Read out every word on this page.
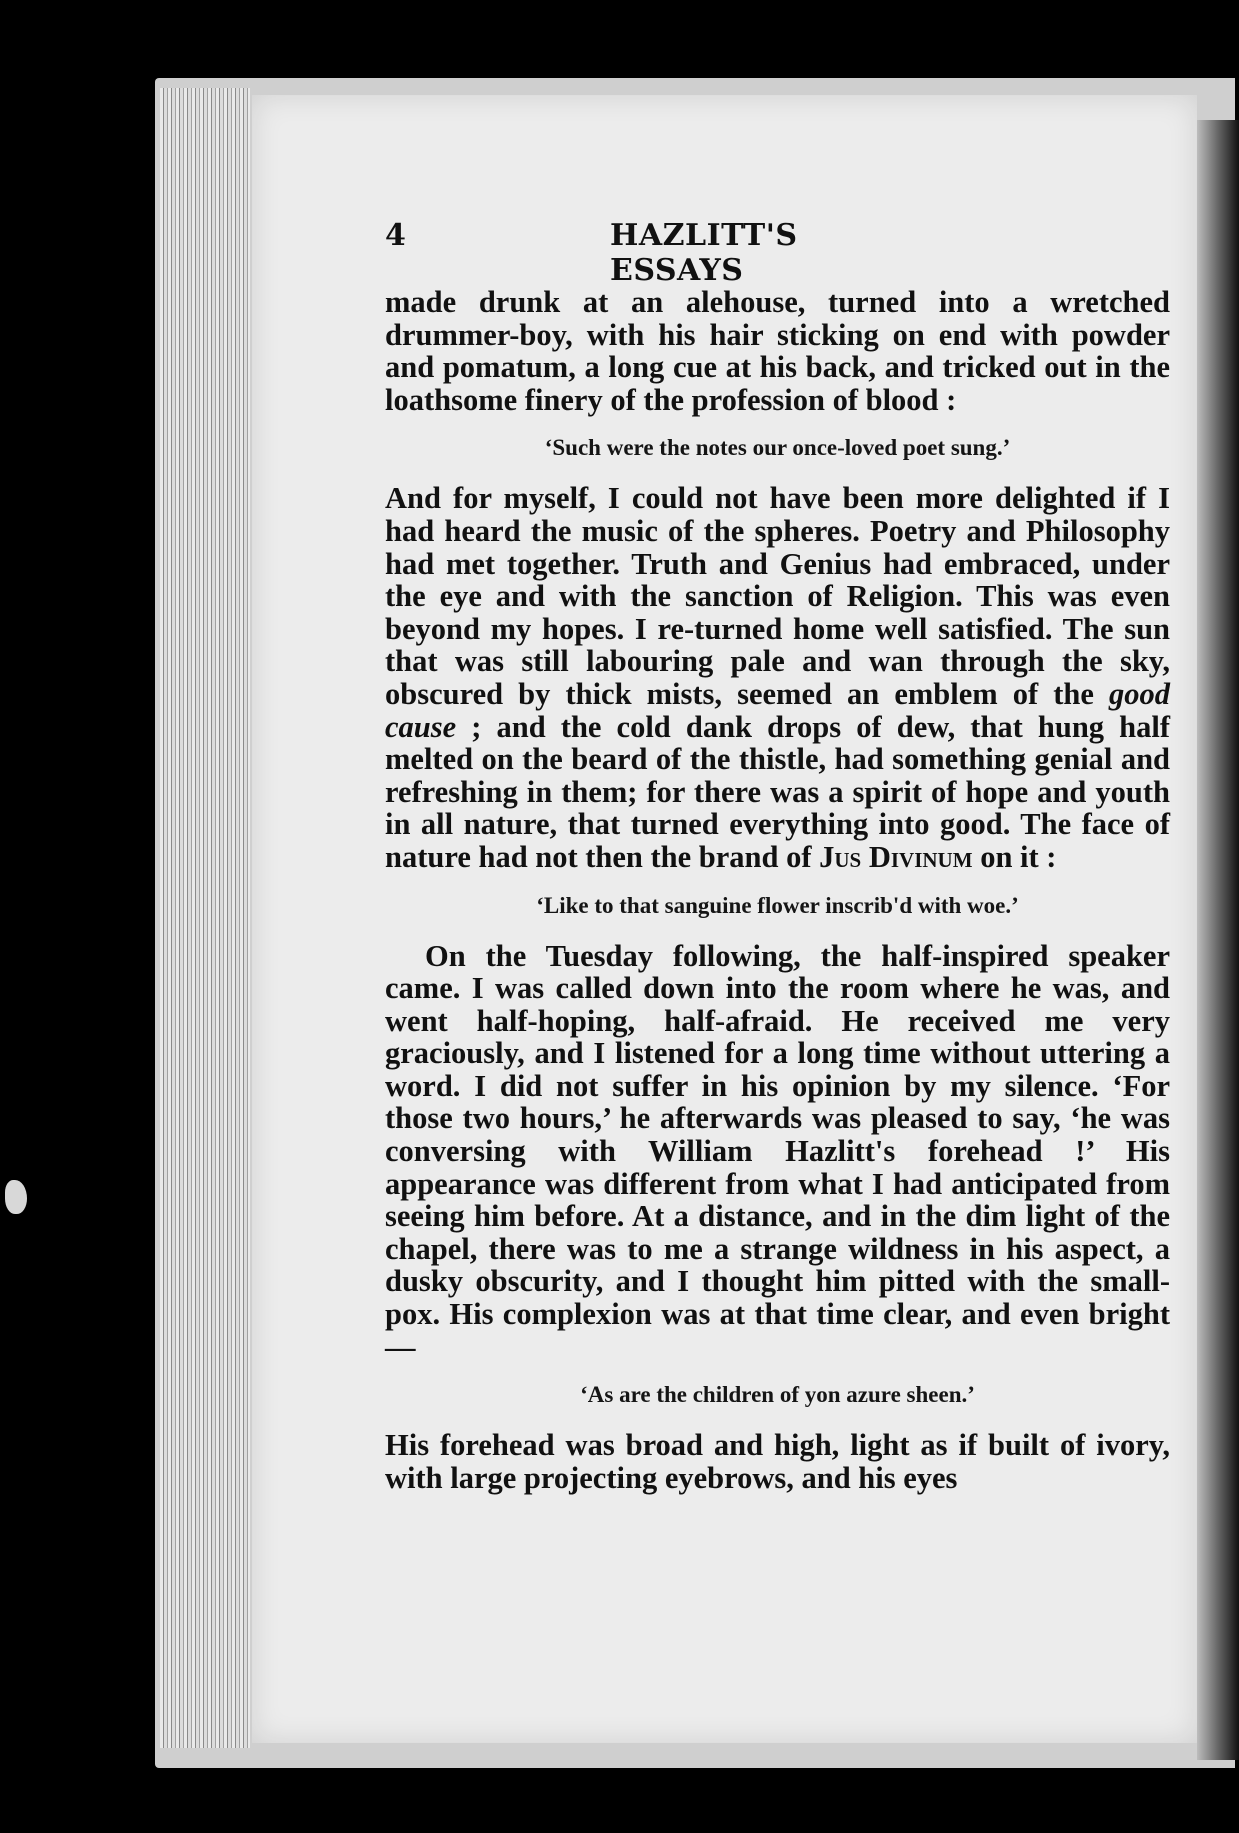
4	HAZLITT'S ESSAYS

made drunk at an alehouse, turned into a wretched drummer-boy, with his hair sticking on end with powder and pomatum, a long cue at his back, and tricked out in the loathsome finery of the profession of blood :

‘Such were the notes our once-loved poet sung.’

And for myself, I could not have been more delighted if I had heard the music of the spheres. Poetry and Philosophy had met together. Truth and Genius had embraced, under the eye and with the sanction of Religion. This was even beyond my hopes. I re-turned home well satisfied. The sun that was still labouring pale and wan through the sky, obscured by thick mists, seemed an emblem of the good cause ; and the cold dank drops of dew, that hung half melted on the beard of the thistle, had something genial and refreshing in them; for there was a spirit of hope and youth in all nature, that turned everything into good. The face of nature had not then the brand of Jus Divinum on it :

‘Like to that sanguine flower inscrib'd with woe.’

On the Tuesday following, the half-inspired speaker came. I was called down into the room where he was, and went half-hoping, half-afraid. He received me very graciously, and I listened for a long time without uttering a word. I did not suffer in his opinion by my silence. ‘For those two hours,’ he afterwards was pleased to say, ‘he was conversing with William Hazlitt's forehead !’ His appearance was different from what I had anticipated from seeing him before. At a distance, and in the dim light of the chapel, there was to me a strange wildness in his aspect, a dusky obscurity, and I thought him pitted with the small-pox. His complexion was at that time clear, and even bright—

‘As are the children of yon azure sheen.’

His forehead was broad and high, light as if built of ivory, with large projecting eyebrows, and his eyes
